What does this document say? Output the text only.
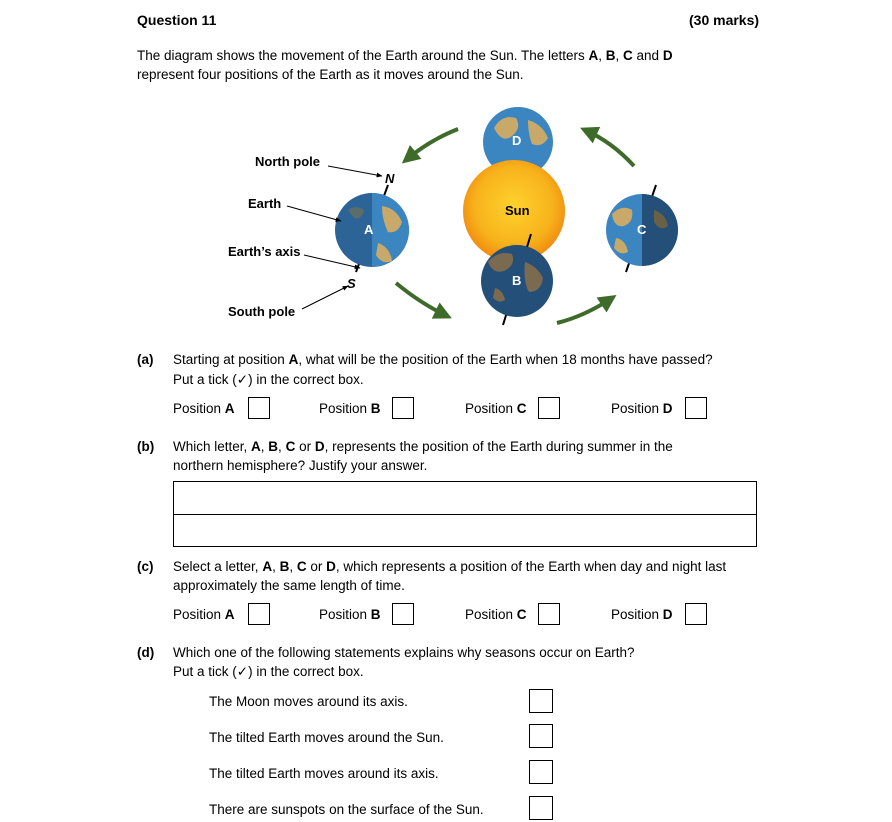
Question 11	(30 marks)
The diagram shows the movement of the Earth around the Sun. The letters A, B, C and D
represent four positions of the Earth as it moves around the Sun.
D
B
A	C
Sun
North pole
N
Earth
Earth’s axis
S
South pole
(a) Starting at position A, what will be the position of the Earth when 18 months have passed?
Put a tick (✓) in the correct box.
Position A	Position B	Position C	Position D
(b) Which letter, A, B, C or D, represents the position of the Earth during summer in the
northern hemisphere? Justify your answer.
(c) Select a letter, A, B, C or D, which represents a position of the Earth when day and night last
approximately the same length of time.
Position A	Position B	Position C	Position D
(d) Which one of the following statements explains why seasons occur on Earth?
Put a tick (✓) in the correct box.
The Moon moves around its axis.
The tilted Earth moves around the Sun.
The tilted Earth moves around its axis.
There are sunspots on the surface of the Sun.
